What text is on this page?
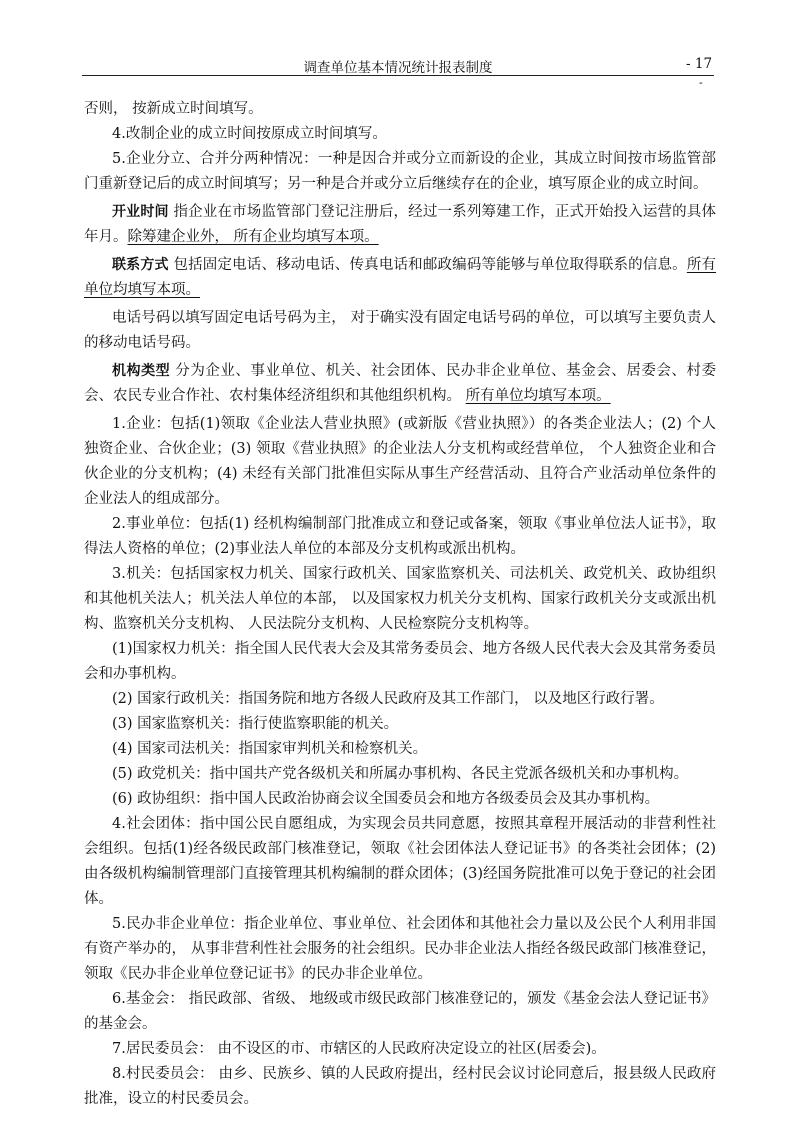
调查单位基本情况统计报表制度	- 17
-

否则， 按新成立时间填写。

4.改制企业的成立时间按原成立时间填写。

5.企业分立、合并分两种情况：一种是因合并或分立而新设的企业，其成立时间按市场监管部门重新登记后的成立时间填写；另一种是合并或分立后继续存在的企业，填写原企业的成立时间。

开业时间 指企业在市场监管部门登记注册后，经过一系列筹建工作，正式开始投入运营的具体年月。除筹建企业外， 所有企业均填写本项。

联系方式 包括固定电话、移动电话、传真电话和邮政编码等能够与单位取得联系的信息。所有单位均填写本项。

电话号码以填写固定电话号码为主， 对于确实没有固定电话号码的单位，可以填写主要负责人的移动电话号码。

机构类型 分为企业、事业单位、机关、社会团体、民办非企业单位、基金会、居委会、村委会、农民专业合作社、农村集体经济组织和其他组织机构。 所有单位均填写本项。

1.企业：包括(1)领取《企业法人营业执照》(或新版《营业执照》）的各类企业法人；(2) 个人独资企业、合伙企业；(3) 领取《营业执照》的企业法人分支机构或经营单位， 个人独资企业和合伙企业的分支机构；(4) 未经有关部门批准但实际从事生产经营活动、且符合产业活动单位条件的企业法人的组成部分。

2.事业单位：包括(1) 经机构编制部门批准成立和登记或备案，领取《事业单位法人证书》，取得法人资格的单位；(2)事业法人单位的本部及分支机构或派出机构。

3.机关：包括国家权力机关、国家行政机关、国家监察机关、司法机关、政党机关、政协组织和其他机关法人；机关法人单位的本部， 以及国家权力机关分支机构、国家行政机关分支或派出机构、监察机关分支机构、 人民法院分支机构、人民检察院分支机构等。

(1)国家权力机关：指全国人民代表大会及其常务委员会、地方各级人民代表大会及其常务委员会和办事机构。

(2) 国家行政机关：指国务院和地方各级人民政府及其工作部门， 以及地区行政行署。

(3) 国家监察机关：指行使监察职能的机关。

(4) 国家司法机关：指国家审判机关和检察机关。

(5) 政党机关：指中国共产党各级机关和所属办事机构、各民主党派各级机关和办事机构。

(6) 政协组织：指中国人民政治协商会议全国委员会和地方各级委员会及其办事机构。

4.社会团体：指中国公民自愿组成，为实现会员共同意愿，按照其章程开展活动的非营利性社会组织。包括(1)经各级民政部门核准登记，领取《社会团体法人登记证书》的各类社会团体；(2)由各级机构编制管理部门直接管理其机构编制的群众团体；(3)经国务院批准可以免于登记的社会团体。

5.民办非企业单位：指企业单位、事业单位、社会团体和其他社会力量以及公民个人利用非国有资产举办的， 从事非营利性社会服务的社会组织。民办非企业法人指经各级民政部门核准登记，领取《民办非企业单位登记证书》的民办非企业单位。

6.基金会： 指民政部、省级、 地级或市级民政部门核准登记的，颁发《基金会法人登记证书》的基金会。

7.居民委员会： 由不设区的市、市辖区的人民政府决定设立的社区(居委会)。

8.村民委员会： 由乡、民族乡、镇的人民政府提出，经村民会议讨论同意后，报县级人民政府批准，设立的村民委员会。
